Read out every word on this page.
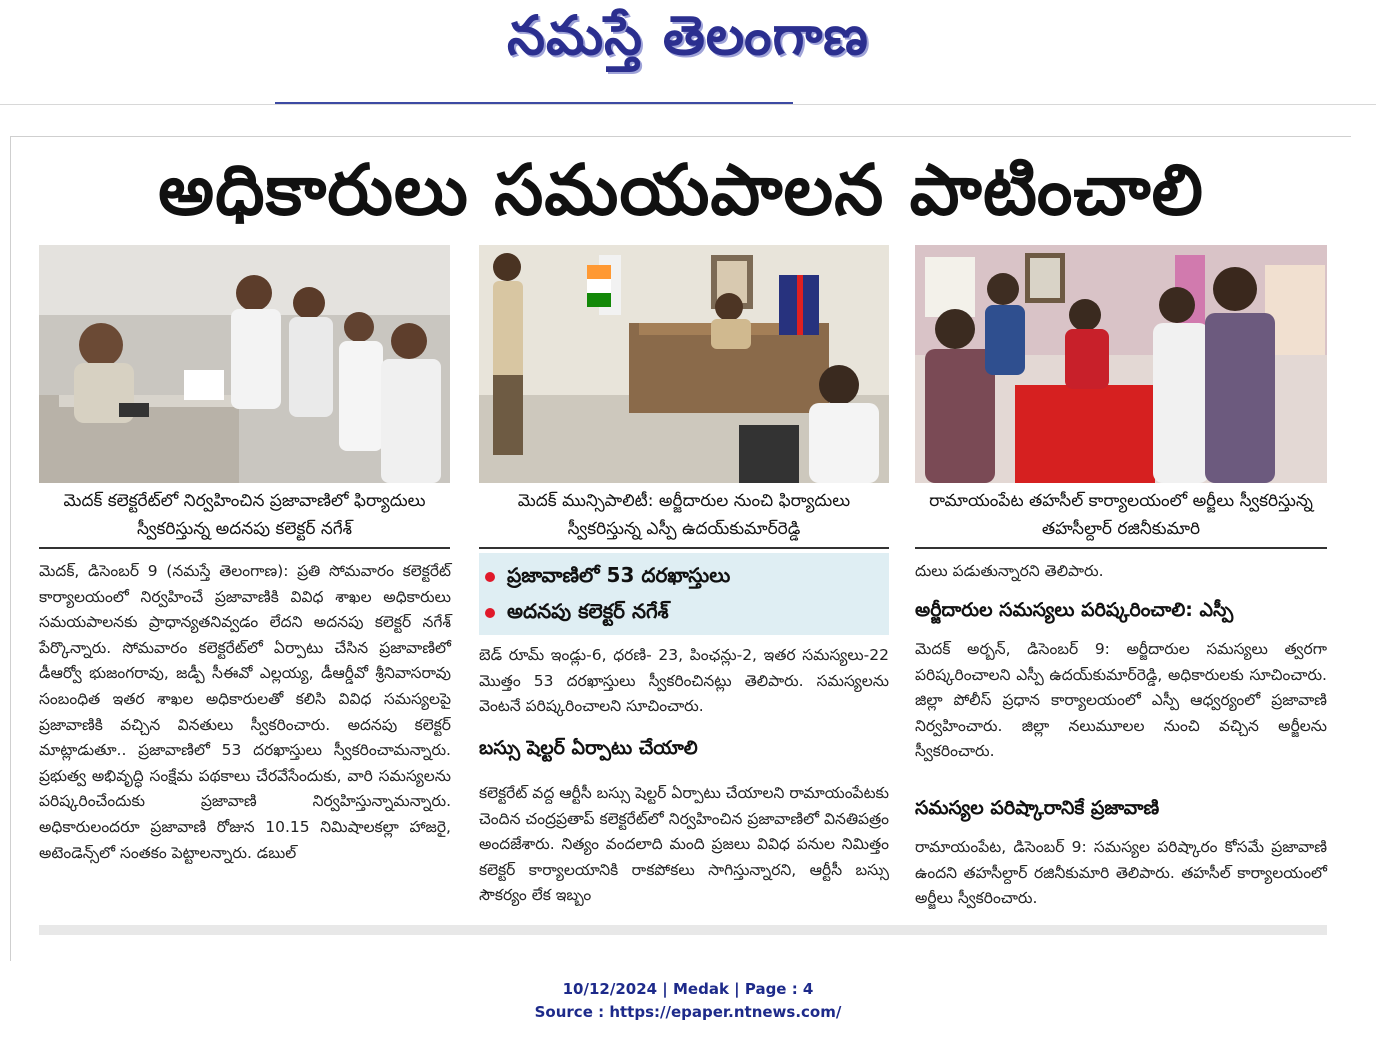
నమస్తే తెలంగాణ
అధికారులు సమయపాలన పాటించాలి
మెదక్ కలెక్టరేట్‌లో నిర్వహించిన ప్రజావాణిలో ఫిర్యాదులు స్వీకరిస్తున్న అదనపు కలెక్టర్ నగేశ్
మెదక్ మున్సిపాలిటీ: అర్జీదారుల నుంచి ఫిర్యాదులు స్వీకరిస్తున్న ఎస్పీ ఉదయ్‌కుమార్‌రెడ్డి
రామాయంపేట తహసీల్ కార్యాలయంలో అర్జీలు స్వీకరిస్తున్న తహసీల్దార్ రజినీకుమారి
మెదక్, డిసెంబర్ 9 (నమస్తే తెలంగాణ): ప్రతి సోమవారం కలెక్టరేట్ కార్యాలయంలో నిర్వహించే ప్రజావాణికి వివిధ శాఖల అధికారులు సమయపాలనకు ప్రాధాన్యతనివ్వడం లేదని అదనపు కలెక్టర్ నగేశ్ పేర్కొన్నారు. సోమవారం కలెక్టరేట్‌లో ఏర్పాటు చేసిన ప్రజావాణిలో డీఆర్వో భుజంగరావు, జడ్పీ సీఈవో ఎల్లయ్య, డీఆర్డీవో శ్రీనివాసరావు సంబంధిత ఇతర శాఖల అధికారులతో కలిసి వివిధ సమస్యలపై ప్రజావాణికి వచ్చిన వినతులు స్వీకరించారు. అదనపు కలెక్టర్ మాట్లాడుతూ.. ప్రజావాణిలో 53 దరఖాస్తులు స్వీకరించామన్నారు. ప్రభుత్వ అభివృద్ధి సంక్షేమ పథకాలు చేరవేసేందుకు, వారి సమస్యలను పరిష్కరించేందుకు ప్రజావాణి నిర్వహిస్తున్నామన్నారు. అధికారులందరూ ప్రజావాణి రోజున 10.15 నిమిషాలకల్లా హాజరై, అటెండెన్స్‌లో సంతకం పెట్టాలన్నారు. డబుల్
ప్రజావాణిలో 53 దరఖాస్తులు
అదనపు కలెక్టర్ నగేశ్
బెడ్ రూమ్ ఇండ్లు-6, ధరణి- 23, పింఛన్లు-2, ఇతర సమస్యలు-22 మొత్తం 53 దరఖాస్తులు స్వీకరించినట్లు తెలిపారు. సమస్యలను వెంటనే పరిష్కరించాలని సూచించారు.
బస్సు షెల్టర్ ఏర్పాటు చేయాలి
కలెక్టరేట్ వద్ద ఆర్టీసీ బస్సు షెల్టర్ ఏర్పాటు చేయాలని రామాయంపేటకు చెందిన చంద్రప్రతాప్ కలెక్టరేట్‌లో నిర్వహించిన ప్రజావాణిలో వినతిపత్రం అందజేశారు. నిత్యం వందలాది మంది ప్రజలు వివిధ పనుల నిమిత్తం కలెక్టర్ కార్యాలయానికి రాకపోకలు సాగిస్తున్నారని, ఆర్టీసీ బస్సు సౌకర్యం లేక ఇబ్బం
దులు పడుతున్నారని తెలిపారు.
అర్జీదారుల సమస్యలు పరిష్కరించాలి: ఎస్పీ
మెదక్ అర్బన్, డిసెంబర్ 9: అర్జీదారుల సమస్యలు త్వరగా పరిష్కరించాలని ఎస్పీ ఉదయ్‌కుమార్‌రెడ్డి, అధికారులకు సూచించారు. జిల్లా పోలీస్ ప్రధాన కార్యాలయంలో ఎస్పీ ఆధ్వర్యంలో ప్రజావాణి నిర్వహించారు. జిల్లా నలుమూలల నుంచి వచ్చిన అర్జీలను స్వీకరించారు.
సమస్యల పరిష్కారానికే ప్రజావాణి
రామాయంపేట, డిసెంబర్ 9: సమస్యల పరిష్కారం కోసమే ప్రజావాణి ఉందని తహసీల్దార్ రజినీకుమారి తెలిపారు. తహసీల్ కార్యాలయంలో అర్జీలు స్వీకరించారు.
10/12/2024 | Medak | Page : 4
Source : https://epaper.ntnews.com/
